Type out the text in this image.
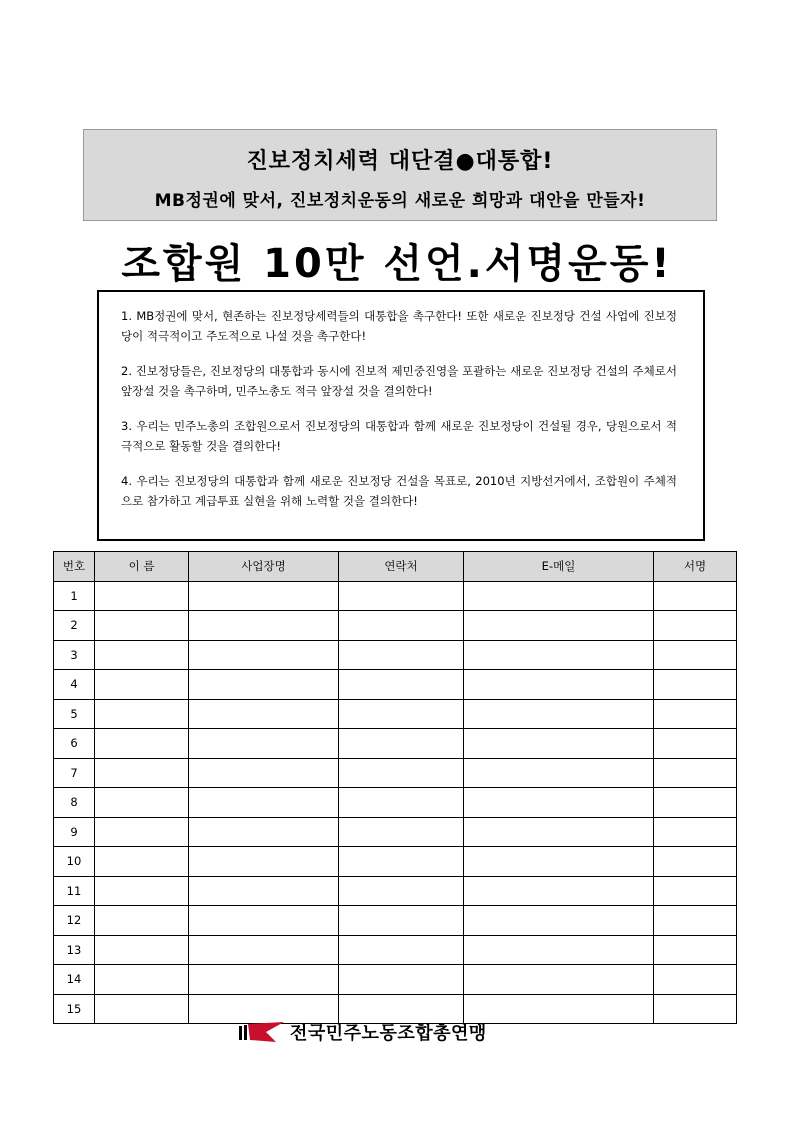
진보정치세력 대단결●대통합!
MB정권에 맞서, 진보정치운동의 새로운 희망과 대안을 만들자!
조합원 10만 선언.서명운동!

1. MB정권에 맞서, 현존하는 진보정당세력들의 대통합을 촉구한다! 또한 새로운 진보정당 건설 사업에 진보정당이 적극적이고 주도적으로 나설 것을 촉구한다!

2. 진보정당들은, 진보정당의 대통합과 동시에 진보적 제민중진영을 포괄하는 새로운 진보정당 건설의 주체로서 앞장설 것을 촉구하며, 민주노총도 적극 앞장설 것을 결의한다!

3. 우리는 민주노총의 조합원으로서 진보정당의 대통합과 함께 새로운 진보정당이 건설될 경우, 당원으로서 적극적으로 활동할 것을 결의한다!

4. 우리는 진보정당의 대통합과 함께 새로운 진보정당 건설을 목표로, 2010년 지방선거에서, 조합원이 주체적으로 참가하고 계급투표 실현을 위해 노력할 것을 결의한다!

번호	이 름	사업장명	연락처	E-메일	서명
1					
2					
3					
4					
5					
6					
7					
8					
9					
10					
11					
12					
13					
14					
15					
전국민주노동조합총연맹
